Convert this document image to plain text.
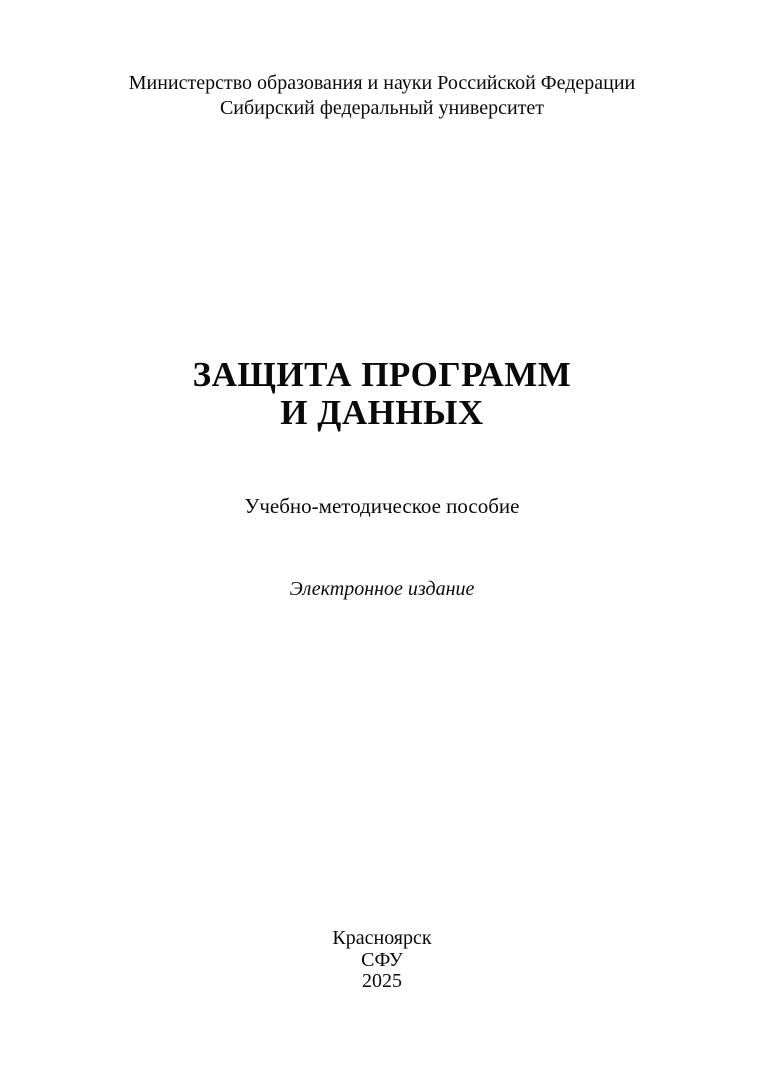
Министерство образования и науки Российской Федерации
Сибирский федеральный университет
ЗАЩИТА ПРОГРАММ
И ДАННЫХ
Учебно-методическое пособие
Электронное издание
Красноярск
СФУ
2025
